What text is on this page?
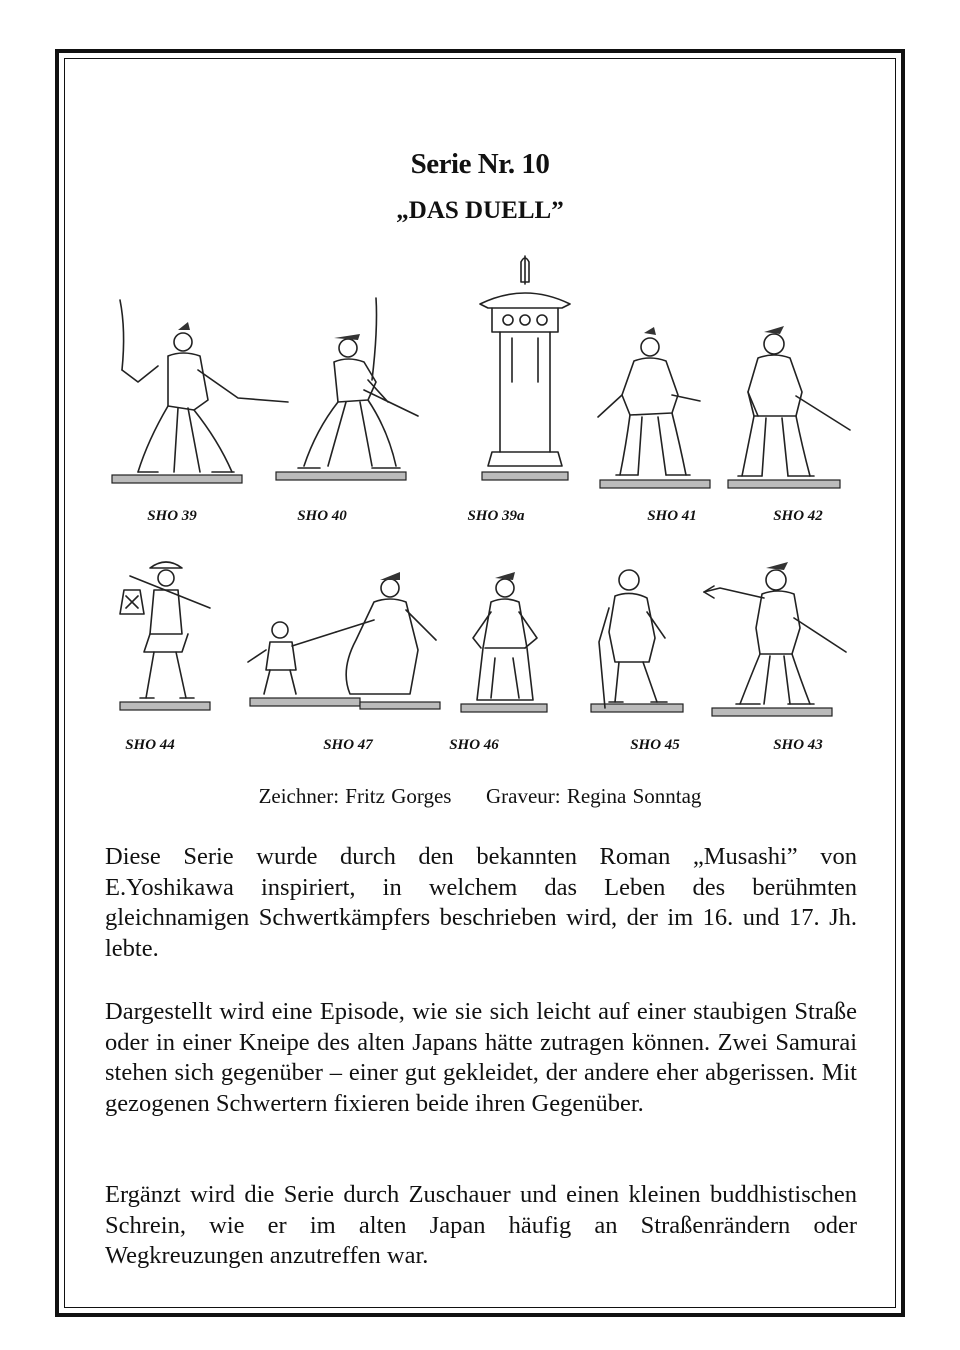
Serie Nr. 10
„DAS DUELL”
SHO 39	SHO 40	SHO 39a	SHO 41	SHO 42
SHO 44	SHO 47	SHO 46	SHO 45	SHO 43
Zeichner: Fritz Gorges Graveur: Regina Sonntag

Diese Serie wurde durch den bekannten Roman „Musashi” von E.Yoshikawa inspiriert, in welchem das Leben des berühmten gleichnamigen Schwertkämpfers beschrieben wird, der im 16. und 17. Jh. lebte.

Dargestellt wird eine Episode, wie sie sich leicht auf einer staubigen Straße oder in einer Kneipe des alten Japans hätte zutragen können. Zwei Samurai stehen sich gegenüber – einer gut gekleidet, der andere eher abgerissen. Mit gezogenen Schwertern fixieren beide ihren Gegenüber.

Ergänzt wird die Serie durch Zuschauer und einen kleinen buddhistischen Schrein, wie er im alten Japan häufig an Straßenrändern oder Wegkreuzungen anzutreffen war.
